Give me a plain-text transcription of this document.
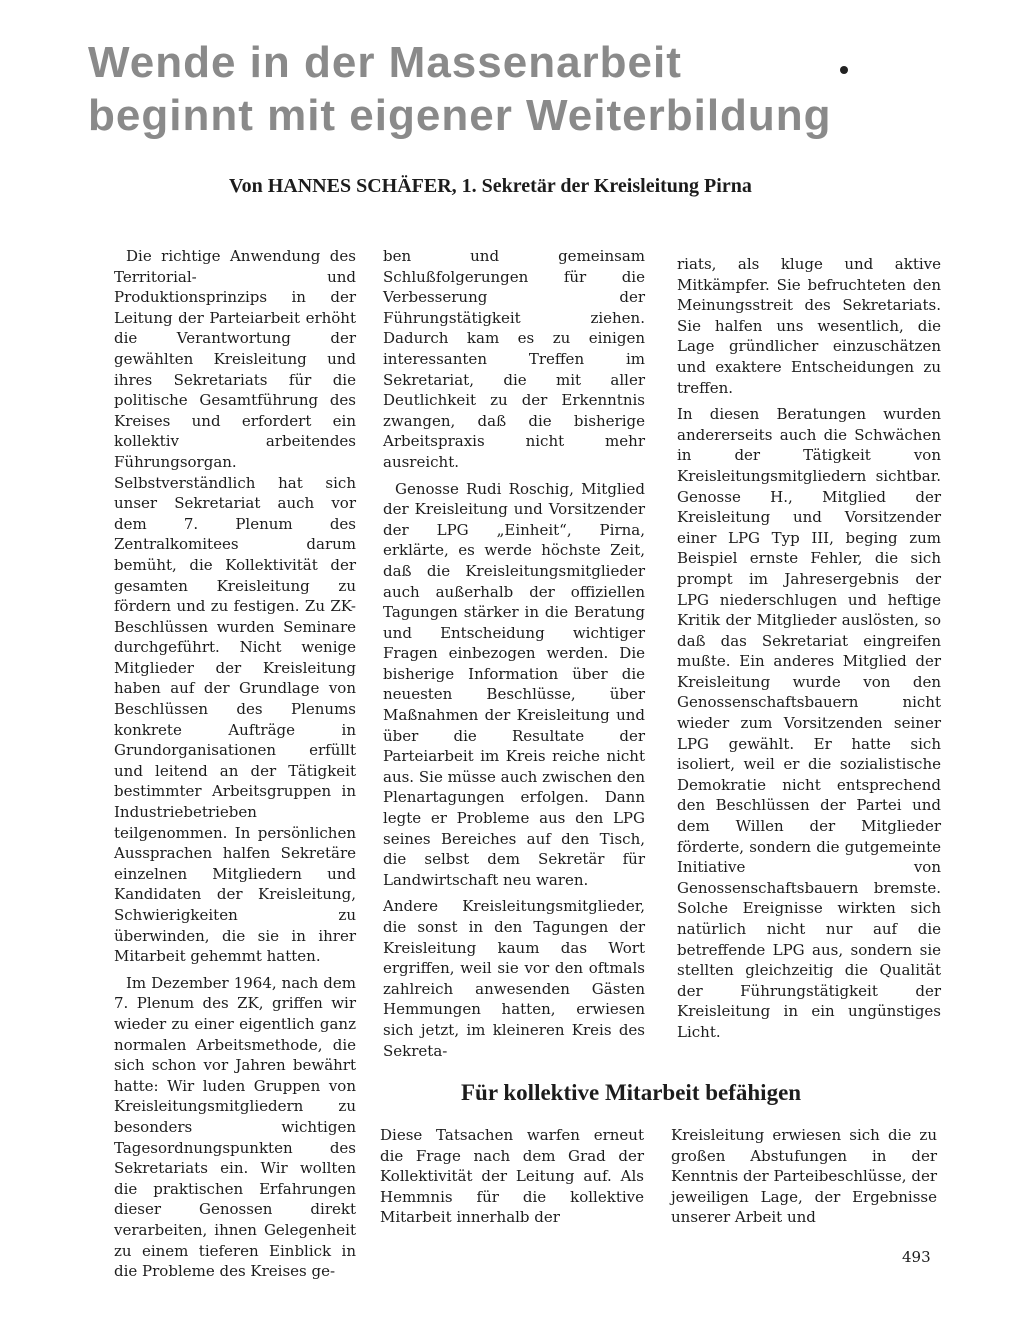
Wende in der Massenarbeit
beginnt mit eigener Weiterbildung
Von HANNES SCHÄFER, 1. Sekretär der Kreisleitung Pirna

Die richtige Anwendung des Territorial- und Produktionsprinzips in der Leitung der Parteiarbeit erhöht die Verantwortung der gewählten Kreisleitung und ihres Sekretariats für die politische Gesamtführung des Kreises und erfordert ein kollektiv arbeitendes Führungsorgan. Selbstverständlich hat sich unser Sekretariat auch vor dem 7. Plenum des Zentralkomitees darum bemüht, die Kollektivität der gesamten Kreisleitung zu fördern und zu festigen. Zu ZK-Beschlüssen wurden Seminare durchgeführt. Nicht wenige Mitglieder der Kreisleitung haben auf der Grundlage von Beschlüssen des Plenums konkrete Aufträge in Grundorganisationen erfüllt und leitend an der Tätigkeit bestimmter Arbeitsgruppen in Industriebetrieben teilgenommen. In persönlichen Aussprachen halfen Sekretäre einzelnen Mitgliedern und Kandidaten der Kreisleitung, Schwierigkeiten zu überwinden, die sie in ihrer Mitarbeit gehemmt hatten.

Im Dezember 1964, nach dem 7. Plenum des ZK, griffen wir wieder zu einer eigentlich ganz normalen Arbeitsmethode, die sich schon vor Jahren bewährt hatte: Wir luden Gruppen von Kreisleitungsmitgliedern zu besonders wichtigen Tagesordnungspunkten des Sekretariats ein. Wir wollten die praktischen Erfahrungen dieser Genossen direkt verarbeiten, ihnen Gelegenheit zu einem tieferen Einblick in die Probleme des Kreises ge-

ben und gemeinsam Schlußfolgerungen für die Verbesserung der Führungstätigkeit ziehen. Dadurch kam es zu einigen interessanten Treffen im Sekretariat, die mit aller Deutlichkeit zu der Erkenntnis zwangen, daß die bisherige Arbeitspraxis nicht mehr ausreicht.

Genosse Rudi Roschig, Mitglied der Kreisleitung und Vorsitzender der LPG „Einheit“, Pirna, erklärte, es werde höchste Zeit, daß die Kreisleitungsmitglieder auch außerhalb der offiziellen Tagungen stärker in die Beratung und Entscheidung wichtiger Fragen einbezogen werden. Die bisherige Information über die neuesten Beschlüsse, über Maßnahmen der Kreisleitung und über die Resultate der Parteiarbeit im Kreis reiche nicht aus. Sie müsse auch zwischen den Plenartagungen erfolgen. Dann legte er Probleme aus den LPG seines Bereiches auf den Tisch, die selbst dem Sekretär für Landwirtschaft neu waren.

Andere Kreisleitungsmitglieder, die sonst in den Tagungen der Kreisleitung kaum das Wort ergriffen, weil sie vor den oftmals zahlreich anwesenden Gästen Hemmungen hatten, erwiesen sich jetzt, im kleineren Kreis des Sekreta-

riats, als kluge und aktive Mitkämpfer. Sie befruchteten den Meinungsstreit des Sekretariats. Sie halfen uns wesentlich, die Lage gründlicher einzuschätzen und exaktere Entscheidungen zu treffen.

In diesen Beratungen wurden andererseits auch die Schwächen in der Tätigkeit von Kreisleitungsmitgliedern sichtbar. Genosse H., Mitglied der Kreisleitung und Vorsitzender einer LPG Typ III, beging zum Beispiel ernste Fehler, die sich prompt im Jahresergebnis der LPG niederschlugen und heftige Kritik der Mitglieder auslösten, so daß das Sekretariat eingreifen mußte. Ein anderes Mitglied der Kreisleitung wurde von den Genossenschaftsbauern nicht wieder zum Vorsitzenden seiner LPG gewählt. Er hatte sich isoliert, weil er die sozialistische Demokratie nicht entsprechend den Beschlüssen der Partei und dem Willen der Mitglieder förderte, sondern die gutgemeinte Initiative von Genossenschaftsbauern bremste. Solche Ereignisse wirkten sich natürlich nicht nur auf die betreffende LPG aus, sondern sie stellten gleichzeitig die Qualität der Führungstätigkeit der Kreisleitung in ein ungünstiges Licht.

Für kollektive Mitarbeit befähigen

Diese Tatsachen warfen erneut die Frage nach dem Grad der Kollektivität der Leitung auf. Als Hemmnis für die kollektive Mitarbeit innerhalb der

Kreisleitung erwiesen sich die zu großen Abstufungen in der Kenntnis der Parteibeschlüsse, der jeweiligen Lage, der Ergebnisse unserer Arbeit und

493
